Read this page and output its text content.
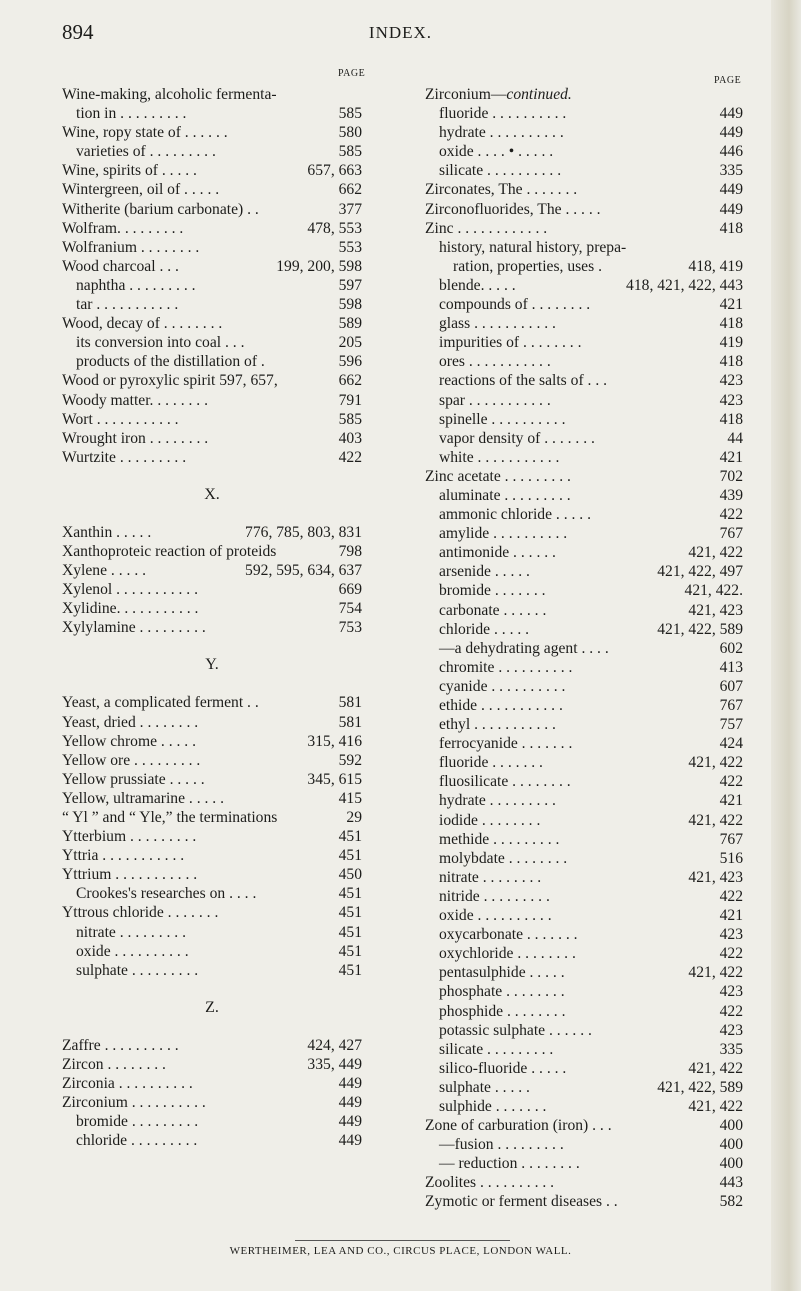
894	INDEX.
PAGE
PAGE
Wine-making, alcoholic fermenta-
tion in . . . . . . . . .	585
Wine, ropy state of . . . . . .	580
varieties of . . . . . . . . .	585
Wine, spirits of . . . . .	657, 663
Wintergreen, oil of . . . . .	662
Witherite (barium carbonate) . .	377
Wolfram. . . . . . . . .	478, 553
Wolfranium . . . . . . . .	553
Wood charcoal . . .	199, 200, 598
naphtha . . . . . . . . .	597
tar . . . . . . . . . . .	598
Wood, decay of . . . . . . . .	589
its conversion into coal . . .	205
products of the distillation of .	596
Wood or pyroxylic spirit 597, 657,	662
Woody matter. . . . . . . .	791
Wort . . . . . . . . . . .	585
Wrought iron . . . . . . . .	403
Wurtzite . . . . . . . . .	422
X.
Xanthin . . . . .	776, 785, 803, 831
Xanthoproteic reaction of proteids	798
Xylene . . . . .	592, 595, 634, 637
Xylenol . . . . . . . . . . .	669
Xylidine. . . . . . . . . . .	754
Xylylamine . . . . . . . . .	753
Y.
Yeast, a complicated ferment . .	581
Yeast, dried . . . . . . . .	581
Yellow chrome . . . . .	315, 416
Yellow ore . . . . . . . . .	592
Yellow prussiate . . . . .	345, 615
Yellow, ultramarine . . . . .	415
“ Yl ” and “ Yle,” the terminations	29
Ytterbium . . . . . . . . .	451
Yttria . . . . . . . . . . .	451
Yttrium . . . . . . . . . . .	450
Crookes's researches on . . . .	451
Yttrous chloride . . . . . . .	451
nitrate . . . . . . . . .	451
oxide . . . . . . . . . .	451
sulphate . . . . . . . . .	451
Z.
Zaffre . . . . . . . . . .	424, 427
Zircon . . . . . . . .	335, 449
Zirconia . . . . . . . . . .	449
Zirconium . . . . . . . . . .	449
bromide . . . . . . . . .	449
chloride . . . . . . . . .	449
Zirconium—continued.
fluoride . . . . . . . . . .	449
hydrate . . . . . . . . . .	449
oxide . . . . • . . . . .	446
silicate . . . . . . . . . .	335
Zirconates, The . . . . . . .	449
Zirconofluorides, The . . . . .	449
Zinc . . . . . . . . . . . .	418
history, natural history, prepa-
ration, properties, uses .	418, 419
blende. . . . .	418, 421, 422, 443
compounds of . . . . . . . .	421
glass . . . . . . . . . . .	418
impurities of . . . . . . . .	419
ores . . . . . . . . . . .	418
reactions of the salts of . . .	423
spar . . . . . . . . . . .	423
spinelle . . . . . . . . . .	418
vapor density of . . . . . . .	44
white . . . . . . . . . . .	421
Zinc acetate . . . . . . . . .	702
aluminate . . . . . . . . .	439
ammonic chloride . . . . .	422
amylide . . . . . . . . . .	767
antimonide . . . . . .	421, 422
arsenide . . . . .	421, 422, 497
bromide . . . . . . .	421, 422.
carbonate . . . . . .	421, 423
chloride . . . . .	421, 422, 589
—a dehydrating agent . . . .	602
chromite . . . . . . . . . .	413
cyanide . . . . . . . . . .	607
ethide . . . . . . . . . . .	767
ethyl . . . . . . . . . . .	757
ferrocyanide . . . . . . .	424
fluoride . . . . . . .	421, 422
fluosilicate . . . . . . . .	422
hydrate . . . . . . . . .	421
iodide . . . . . . . .	421, 422
methide . . . . . . . . .	767
molybdate . . . . . . . .	516
nitrate . . . . . . . .	421, 423
nitride . . . . . . . . .	422
oxide . . . . . . . . . .	421
oxycarbonate . . . . . . .	423
oxychloride . . . . . . . .	422
pentasulphide . . . . .	421, 422
phosphate . . . . . . . .	423
phosphide . . . . . . . .	422
potassic sulphate . . . . . .	423
silicate . . . . . . . . .	335
silico-fluoride . . . . .	421, 422
sulphate . . . . .	421, 422, 589
sulphide . . . . . . .	421, 422
Zone of carburation (iron) . . .	400
—fusion . . . . . . . . .	400
— reduction . . . . . . . .	400
Zoolites . . . . . . . . . .	443
Zymotic or ferment diseases . .	582
WERTHEIMER, LEA AND CO., CIRCUS PLACE, LONDON WALL.
